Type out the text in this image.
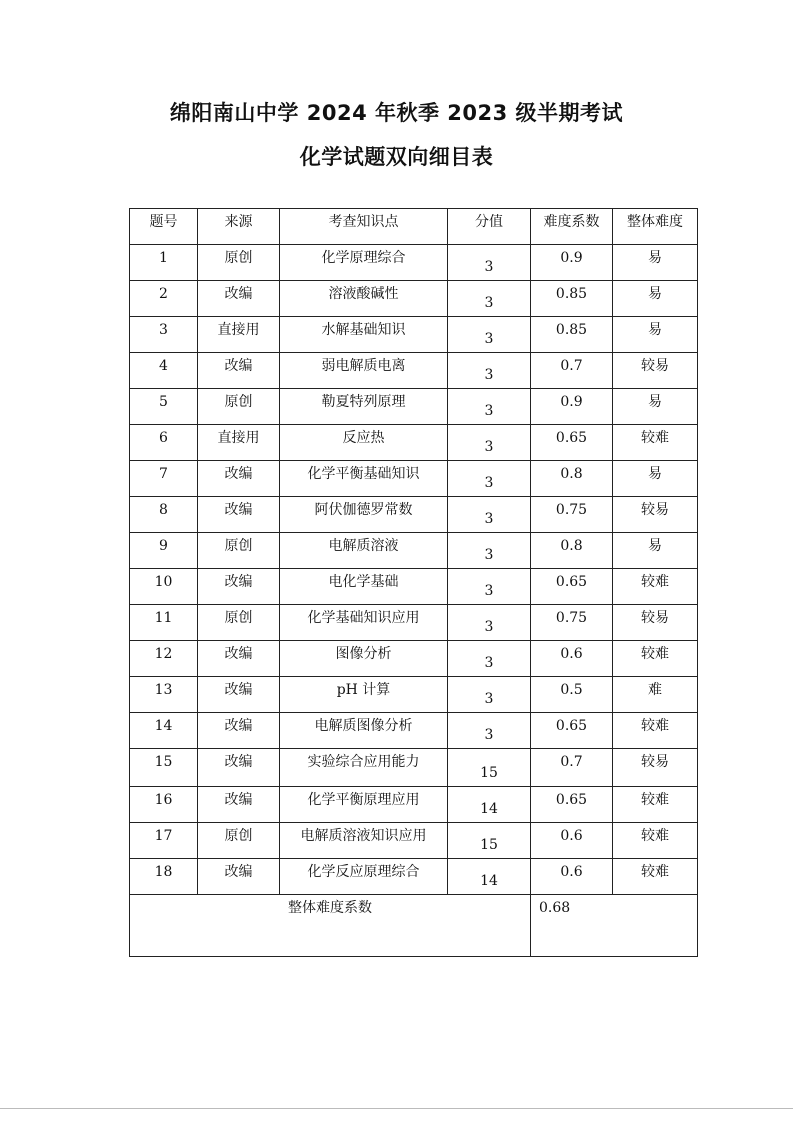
绵阳南山中学 2024 年秋季 2023 级半期考试
化学试题双向细目表
题号	来源	考查知识点	分值	难度系数	整体难度
1	原创	化学原理综合	3	0.9	易
2	改编	溶液酸碱性	3	0.85	易
3	直接用	水解基础知识	3	0.85	易
4	改编	弱电解质电离	3	0.7	较易
5	原创	勒夏特列原理	3	0.9	易
6	直接用	反应热	3	0.65	较难
7	改编	化学平衡基础知识	3	0.8	易
8	改编	阿伏伽德罗常数	3	0.75	较易
9	原创	电解质溶液	3	0.8	易
10	改编	电化学基础	3	0.65	较难
11	原创	化学基础知识应用	3	0.75	较易
12	改编	图像分析	3	0.6	较难
13	改编	pH 计算	3	0.5	难
14	改编	电解质图像分析	3	0.65	较难
15	改编	实验综合应用能力	15	0.7	较易
16	改编	化学平衡原理应用	14	0.65	较难
17	原创	电解质溶液知识应用	15	0.6	较难
18	改编	化学反应原理综合	14	0.6	较难
整体难度系数				0.68	
